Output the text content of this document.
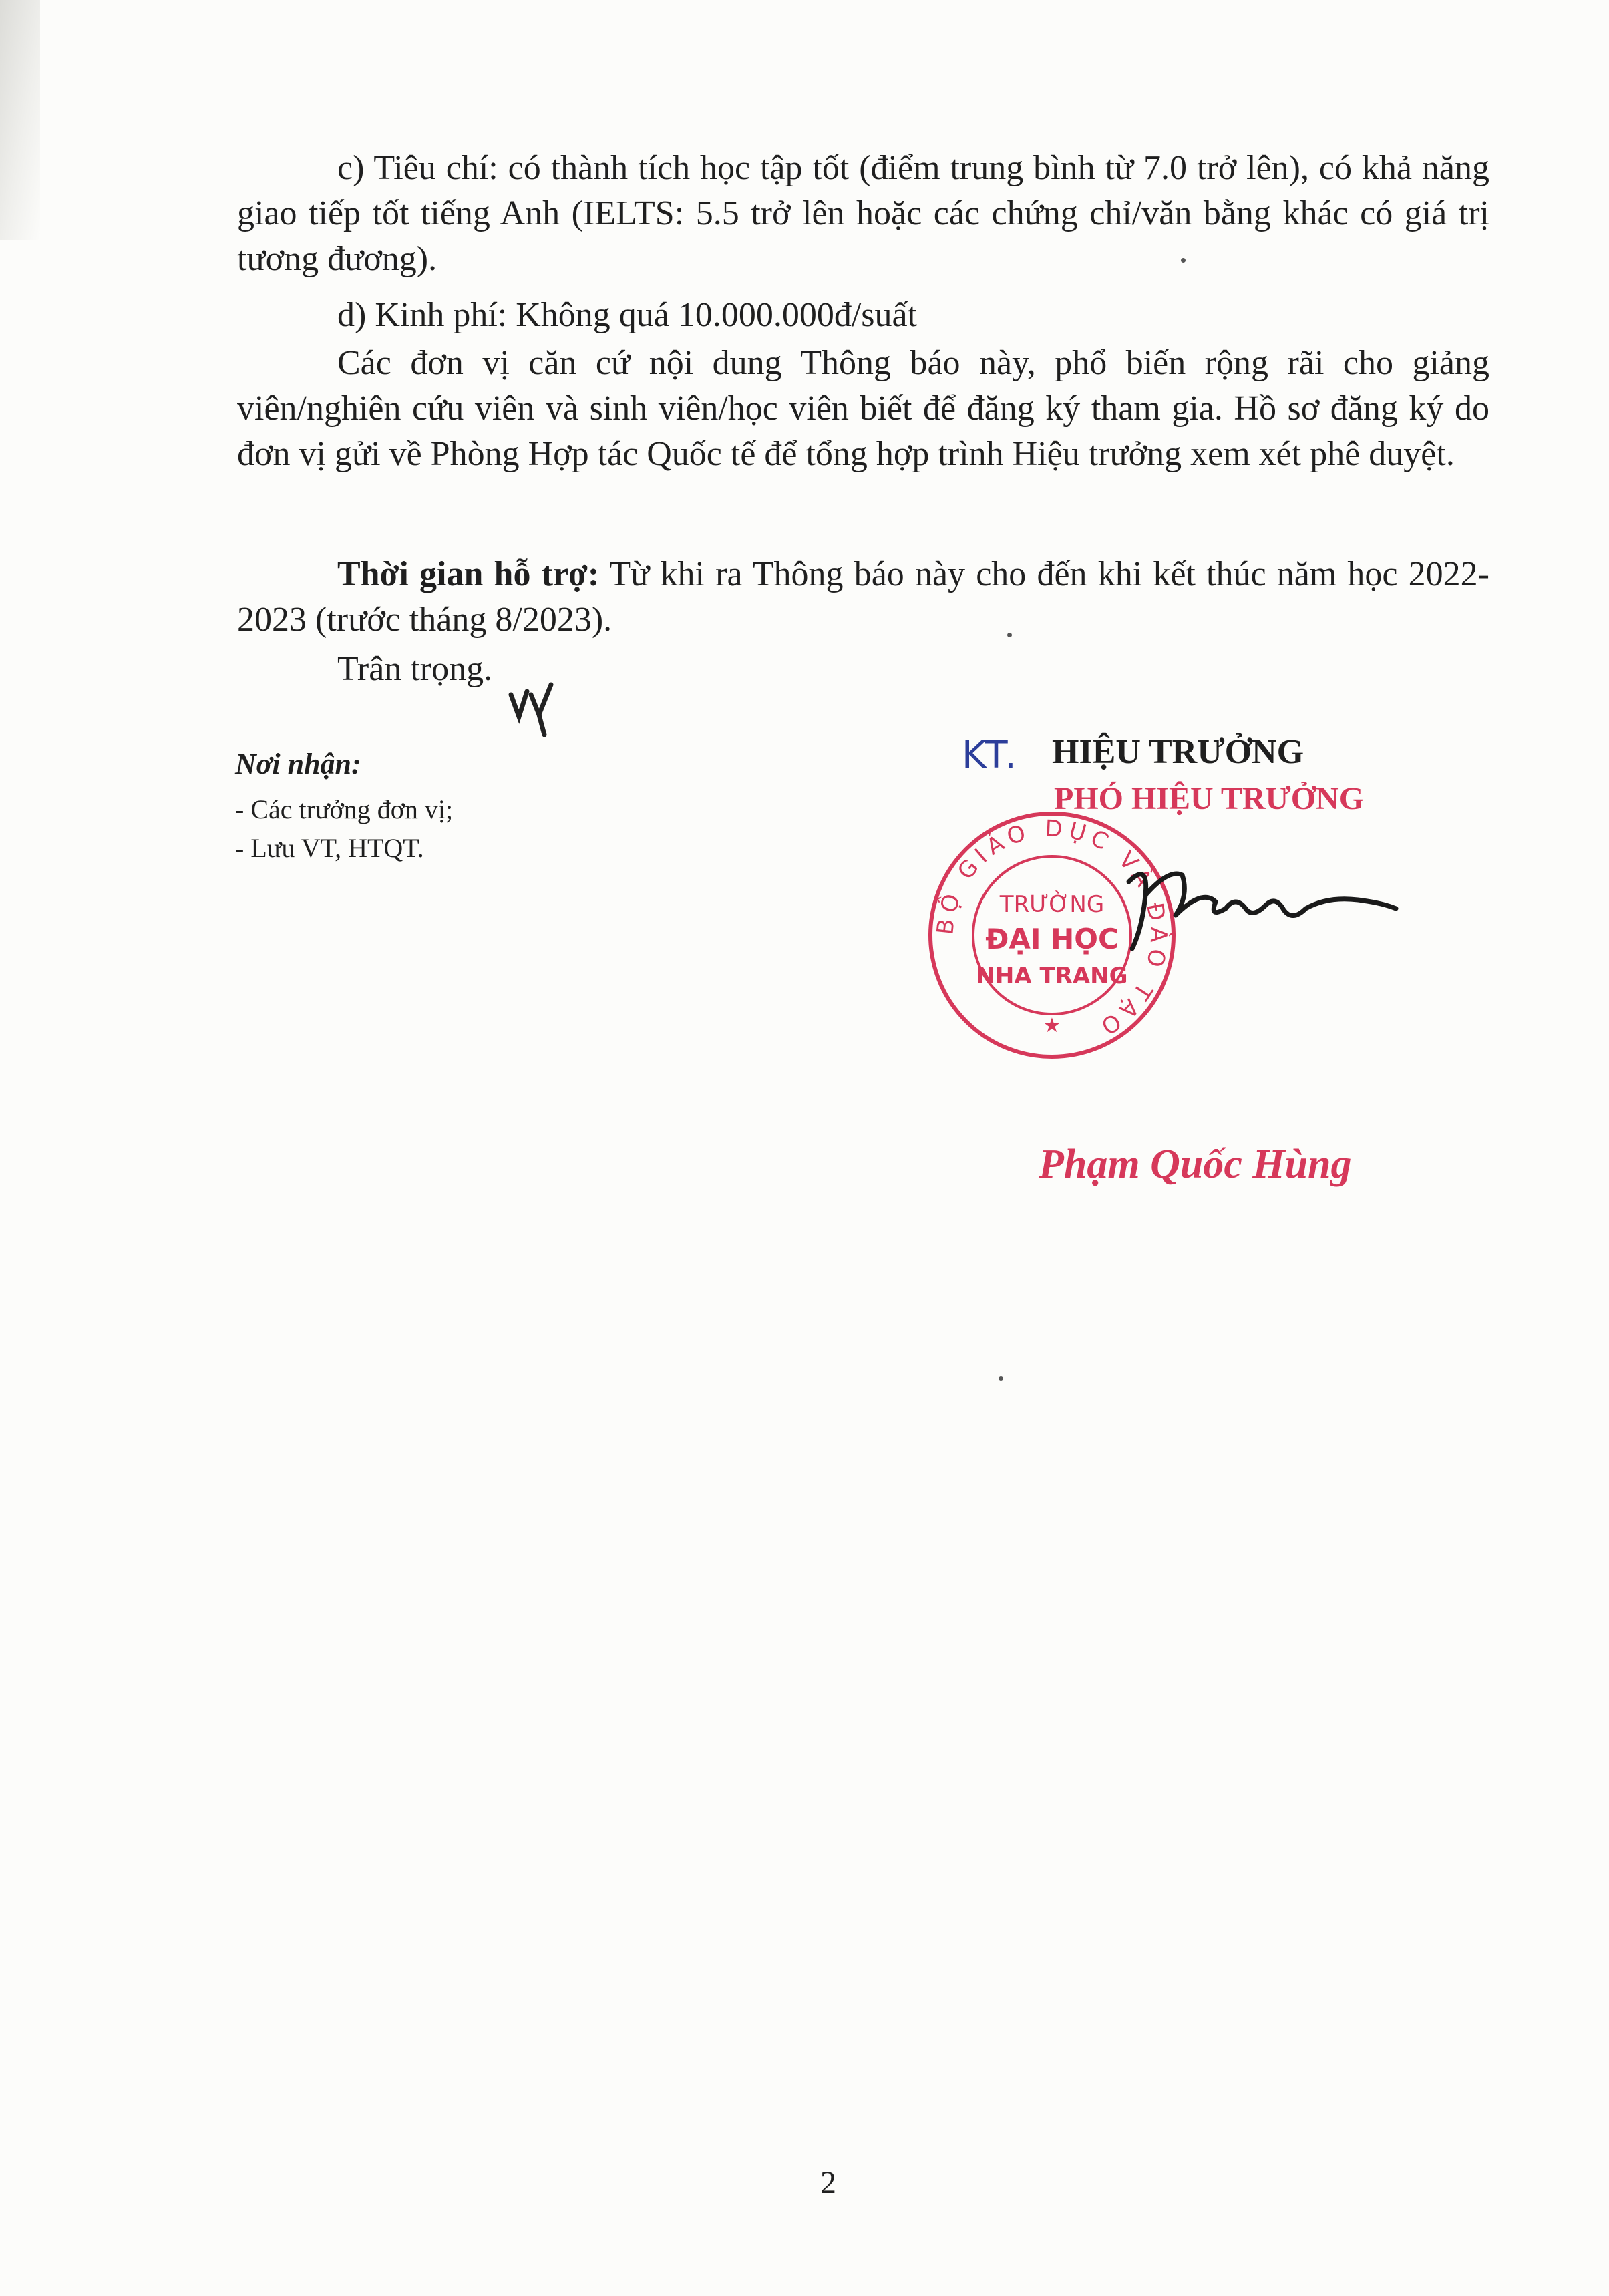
c) Tiêu chí: có thành tích học tập tốt (điểm trung bình từ 7.0 trở lên), có khả năng giao tiếp tốt tiếng Anh (IELTS: 5.5 trở lên hoặc các chứng chỉ/văn bằng khác có giá trị tương đương).

d) Kinh phí: Không quá 10.000.000đ/suất

Các đơn vị căn cứ nội dung Thông báo này, phổ biến rộng rãi cho giảng viên/nghiên cứu viên và sinh viên/học viên biết để đăng ký tham gia. Hồ sơ đăng ký do đơn vị gửi về Phòng Hợp tác Quốc tế để tổng hợp trình Hiệu trưởng xem xét phê duyệt.

Thời gian hỗ trợ: Từ khi ra Thông báo này cho đến khi kết thúc năm học 2022-2023 (trước tháng 8/2023).

Trân trọng.

Nơi nhận:
- Các trưởng đơn vị;
- Lưu VT, HTQT.
KT. HIỆU TRƯỞNG
PHÓ HIỆU TRƯỞNG
BỘ GIÁO DỤC VÀ ĐÀO TẠO
TRƯỜNG
ĐẠI HỌC
NHA TRANG
★
Phạm Quốc Hùng
2
